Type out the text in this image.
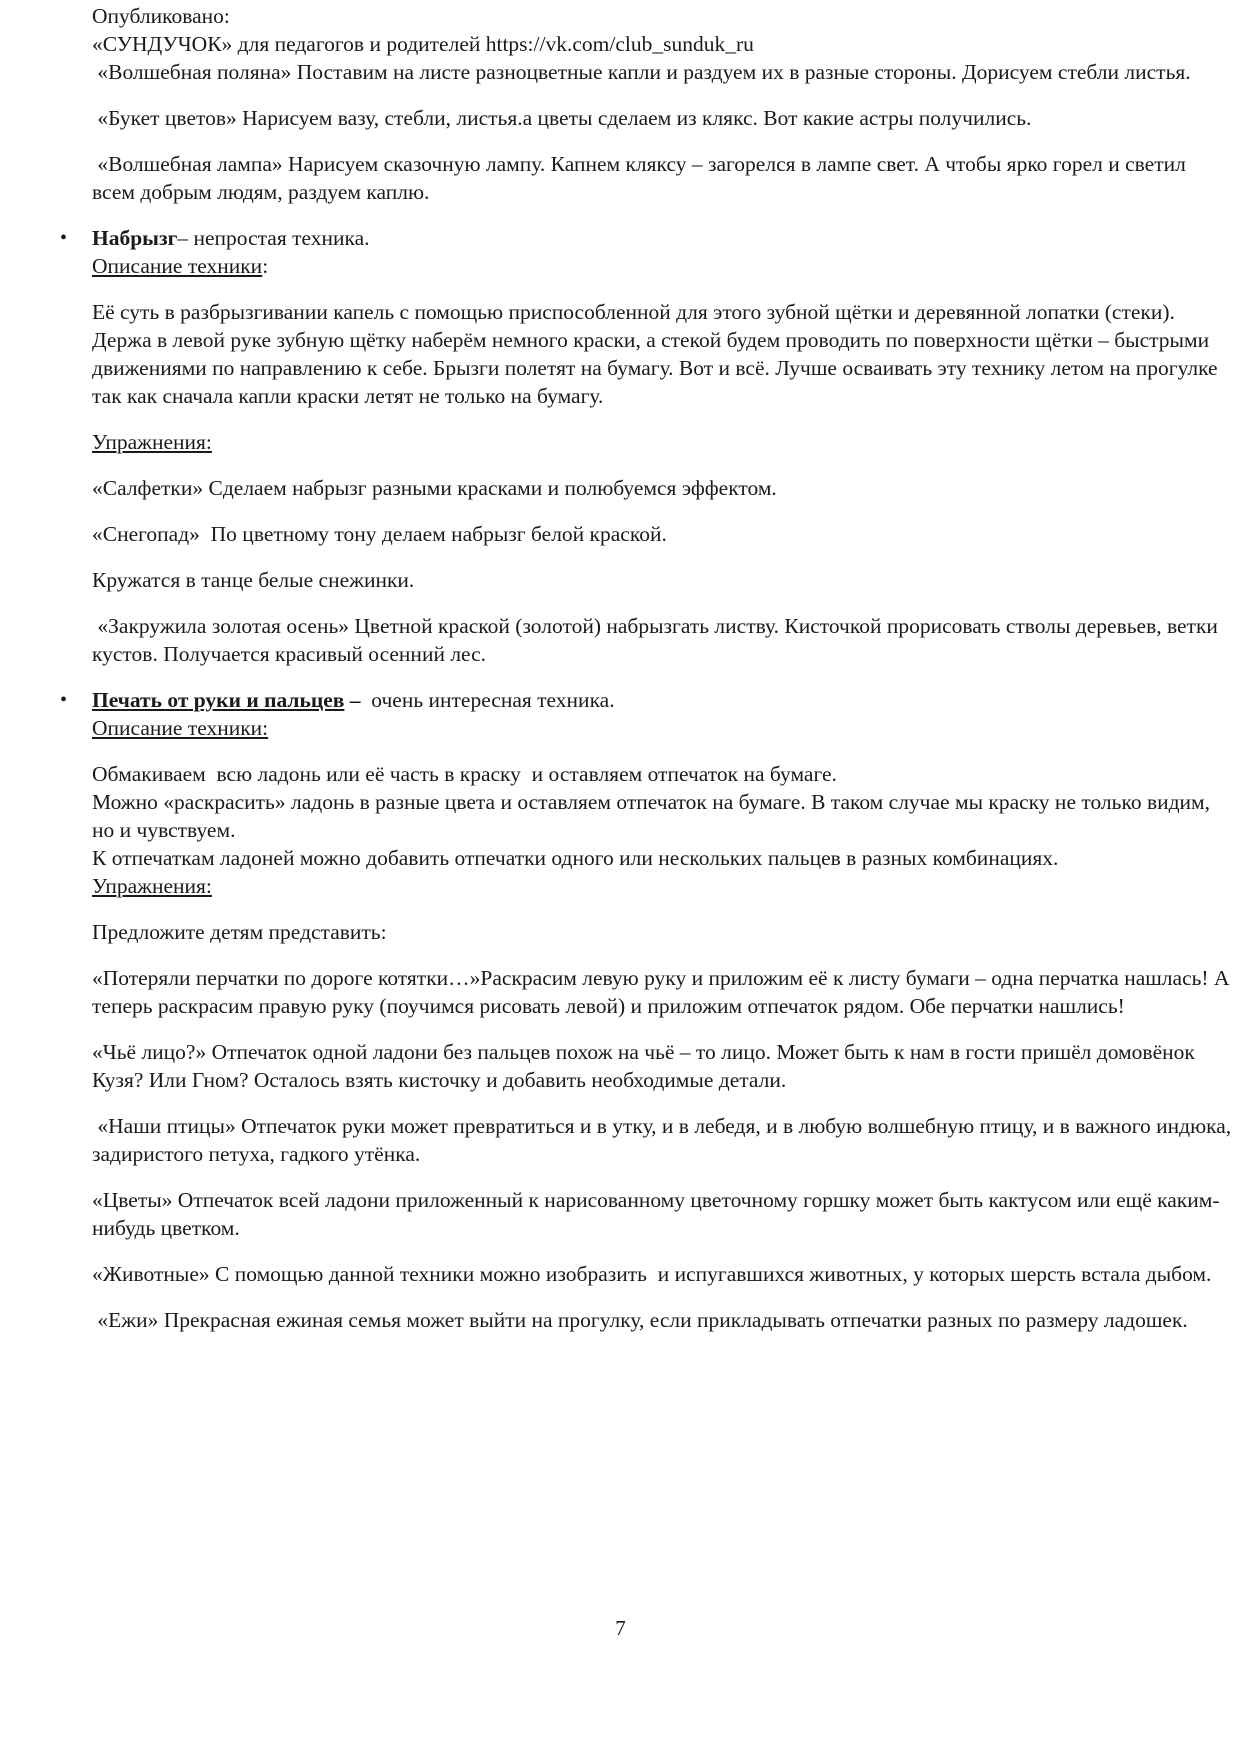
Опубликовано:

«СУНДУЧОК» для педагогов и родителей https://vk.com/club_sunduk_ru

«Волшебная поляна» Поставим на листе разноцветные капли и раздуем их в разные стороны. Дорисуем стебли листья.

«Букет цветов» Нарисуем вазу, стебли, листья.а цветы сделаем из клякс. Вот какие астры получились.

«Волшебная лампа» Нарисуем сказочную лампу. Капнем кляксу – загорелся в лампе свет. А чтобы ярко горел и светил всем добрым людям, раздуем каплю.

• Набрызг– непростая техника.

Описание техники:

Её суть в разбрызгивании капель с помощью приспособленной для этого зубной щётки и деревянной лопатки (стеки). Держа в левой руке зубную щётку наберём немного краски, а стекой будем проводить по поверхности щётки – быстрыми движениями по направлению к себе. Брызги полетят на бумагу. Вот и всё. Лучше осваивать эту технику летом на прогулке так как сначала капли краски летят не только на бумагу.

Упражнения:

«Салфетки» Сделаем набрызг разными красками и полюбуемся эффектом.

«Снегопад»  По цветному тону делаем набрызг белой краской.

Кружатся в танце белые снежинки.

«Закружила золотая осень» Цветной краской (золотой) набрызгать листву. Кисточкой прорисовать стволы деревьев, ветки кустов. Получается красивый осенний лес.

• Печать от руки и пальцев –  очень интересная техника.

Описание техники:

Обмакиваем  всю ладонь или её часть в краску  и оставляем отпечаток на бумаге.

Можно «раскрасить» ладонь в разные цвета и оставляем отпечаток на бумаге. В таком случае мы краску не только видим, но и чувствуем.

К отпечаткам ладоней можно добавить отпечатки одного или нескольких пальцев в разных комбинациях.

Упражнения:

Предложите детям представить:

«Потеряли перчатки по дороге котятки…»Раскрасим левую руку и приложим её к листу бумаги – одна перчатка нашлась! А теперь раскрасим правую руку (поучимся рисовать левой) и приложим отпечаток рядом. Обе перчатки нашлись!

«Чьё лицо?» Отпечаток одной ладони без пальцев похож на чьё – то лицо. Может быть к нам в гости пришёл домовёнок Кузя? Или Гном? Осталось взять кисточку и добавить необходимые детали.

«Наши птицы» Отпечаток руки может превратиться и в утку, и в лебедя, и в любую волшебную птицу, и в важного индюка, задиристого петуха, гадкого утёнка.

«Цветы» Отпечаток всей ладони приложенный к нарисованному цветочному горшку может быть кактусом или ещё каким-нибудь цветком.

«Животные» С помощью данной техники можно изобразить  и испугавшихся животных, у которых шерсть встала дыбом.

«Ежи» Прекрасная ежиная семья может выйти на прогулку, если прикладывать отпечатки разных по размеру ладошек.

7
